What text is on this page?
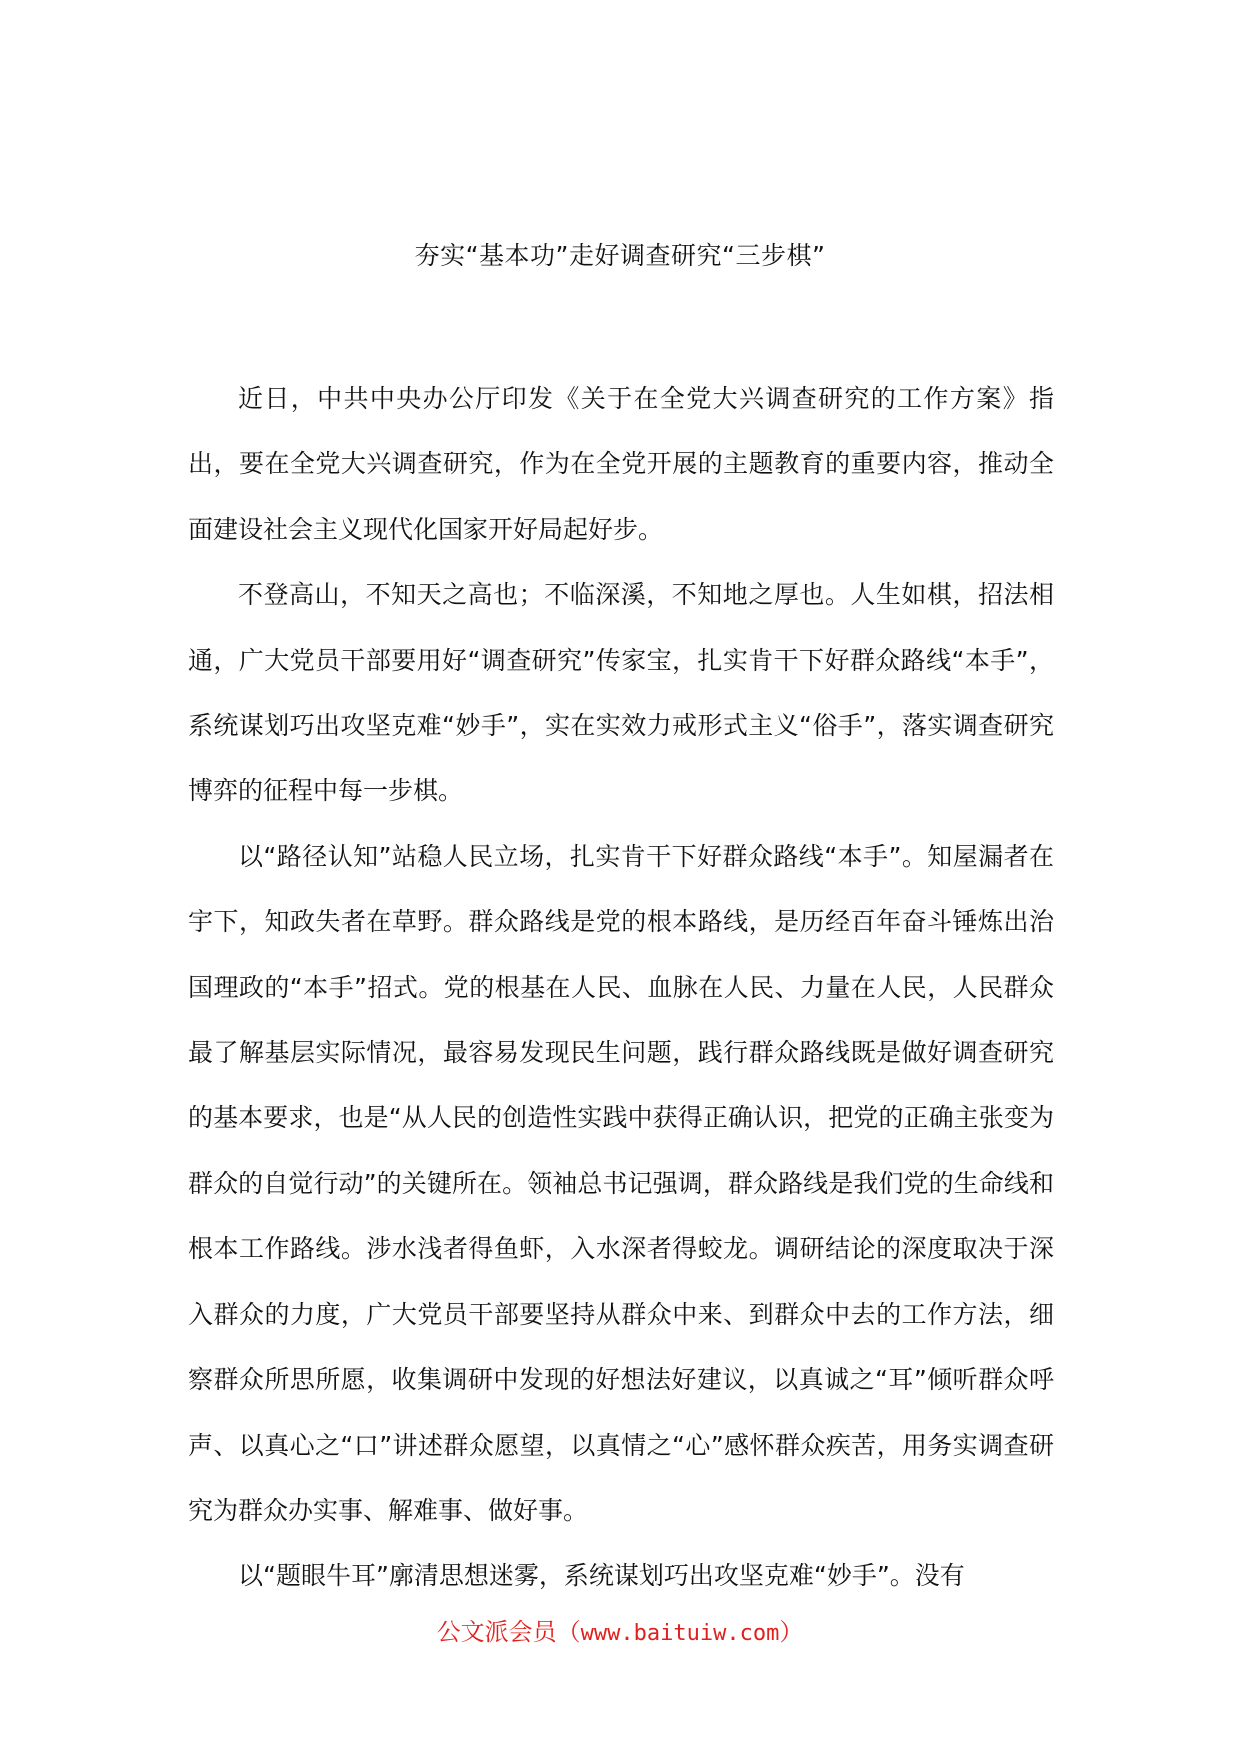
夯实“基本功”走好调查研究“三步棋”

近日，中共中央办公厅印发《关于在全党大兴调查研究的工作方案》指出，要在全党大兴调查研究，作为在全党开展的主题教育的重要内容，推动全面建设社会主义现代化国家开好局起好步。

不登高山，不知天之高也；不临深溪，不知地之厚也。人生如棋，招法相通，广大党员干部要用好“调查研究”传家宝，扎实肯干下好群众路线“本手”，系统谋划巧出攻坚克难“妙手”，实在实效力戒形式主义“俗手”，落实调查研究博弈的征程中每一步棋。

以“路径认知”站稳人民立场，扎实肯干下好群众路线“本手”。知屋漏者在宇下，知政失者在草野。群众路线是党的根本路线，是历经百年奋斗锤炼出治国理政的“本手”招式。党的根基在人民、血脉在人民、力量在人民，人民群众最了解基层实际情况，最容易发现民生问题，践行群众路线既是做好调查研究的基本要求，也是“从人民的创造性实践中获得正确认识，把党的正确主张变为群众的自觉行动”的关键所在。领袖总书记强调，群众路线是我们党的生命线和根本工作路线。涉水浅者得鱼虾，入水深者得蛟龙。调研结论的深度取决于深入群众的力度，广大党员干部要坚持从群众中来、到群众中去的工作方法，细察群众所思所愿，收集调研中发现的好想法好建议，以真诚之“耳”倾听群众呼声、以真心之“口”讲述群众愿望，以真情之“心”感怀群众疾苦，用务实调查研究为群众办实事、解难事、做好事。

以“题眼牛耳”廓清思想迷雾，系统谋划巧出攻坚克难“妙手”。没有

公文派会员（www.baituiw.com）
